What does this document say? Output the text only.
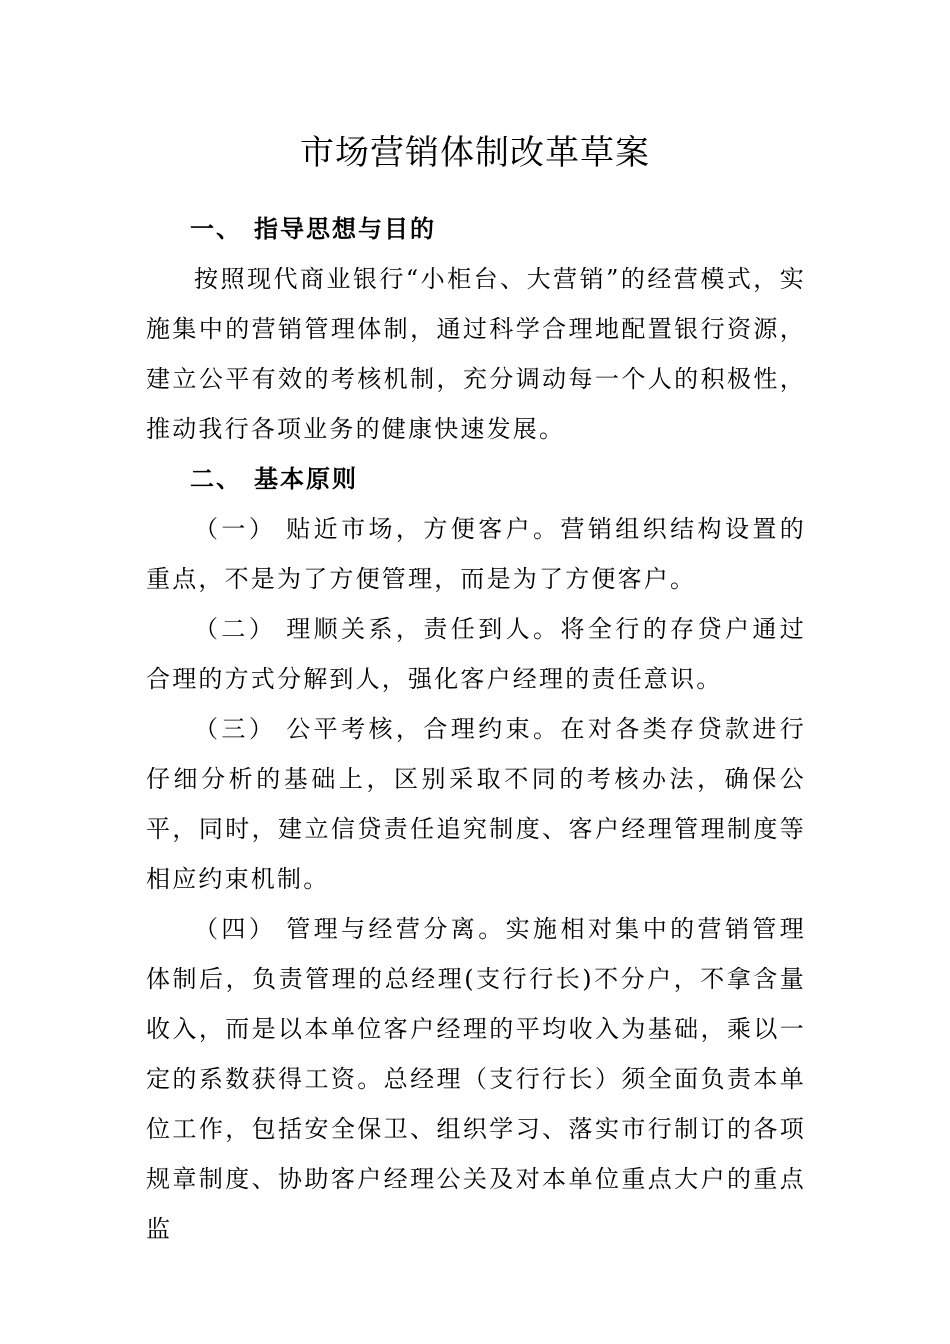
市场营销体制改革草案
一、 指导思想与目的

按照现代商业银行“小柜台、大营销”的经营模式，实施集中的营销管理体制，通过科学合理地配置银行资源，建立公平有效的考核机制，充分调动每一个人的积极性，推动我行各项业务的健康快速发展。

二、 基本原则

（一） 贴近市场，方便客户。营销组织结构设置的重点，不是为了方便管理，而是为了方便客户。

（二） 理顺关系，责任到人。将全行的存贷户通过合理的方式分解到人，强化客户经理的责任意识。

（三） 公平考核，合理约束。在对各类存贷款进行仔细分析的基础上，区别采取不同的考核办法，确保公平，同时，建立信贷责任追究制度、客户经理管理制度等相应约束机制。

（四） 管理与经营分离。实施相对集中的营销管理体制后，负责管理的总经理(支行行长)不分户，不拿含量收入，而是以本单位客户经理的平均收入为基础，乘以一定的系数获得工资。总经理（支行行长）须全面负责本单位工作，包括安全保卫、组织学习、落实市行制订的各项规章制度、协助客户经理公关及对本单位重点大户的重点监
